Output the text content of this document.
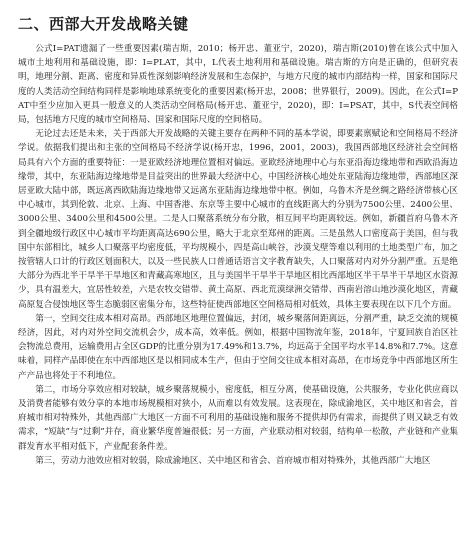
二、西部大开发战略关键

公式I=PAT遗漏了一些重要因素(瑞吉斯，2010；杨开忠、董亚宁，2020)，瑞吉斯(2010)曾在该公式中加入城市土地利用和基础设施，即：I=PLAT，其中，L代表土地利用和基础设施。瑞吉斯的方向是正确的，但研究表明，地理分割、距离、密度和异质性深刻影响经济发展和生态保护，与地方尺度的城市内部结构一样，国家和国际尺度的人类活动空间结构同样是影响地球系统变化的重要因素(杨开忠，2008；世界银行，2009)。因此，在公式I=PAT中至少应加入更具一般意义的人类活动空间格局(杨开忠、董亚宁，2020)，即：I=PSAT，其中，S代表空间格局，包括地方尺度的城市空间格局、国家和国际尺度的空间格局。

无论过去还是未来，关于西部大开发战略的关键主要存在两种不同的基本学说，即要素禀赋论和空间格局不经济学说。依据我们提出和主张的空间格局不经济学说(杨开忠，1996，2001，2003)，我国西部地区经济社会空间格局具有六个方面的重要特征：一是亚欧经济地理位置相对偏远。亚欧经济地理中心与东亚沿海边缘地带和西欧沿海边缘带，其中，东亚陆海边缘地带是目益突出的世界最大经济中心，中国经济核心地处东亚陆海边缘地带，西部地区深居亚欧大陆中部，既远离西欧陆海边缘地带又远离东亚陆海边缘地带中枢。例如，乌鲁木齐是丝绸之路经济带核心区中心城市，其到伦敦、北京、上海、中国香港、东京等主要中心城市的直线距离大约分别为7500公里、2400公里、3000公里、3400公里和4500公里。二是人口聚落系统分布分散，相互间平均距离较远。例如，新疆首府乌鲁木齐到全疆地级行政区中心城市平均距离高达690公里，略大于北京至郑州的距离。三是虽然人口密度高于美国，但与我国中东部相比，城乡人口聚落平均密度低，平均规模小，四是高山峡谷，沙漠戈壁等难以利用的土地类型广布，加之按管辖人口计的行政区划面积大，以及一些民族人口普通话语言文字教育缺失，人口聚落对内对外分割严重。五是绝大部分为西北半干旱半干旱地区和青藏高寒地区，且与美国半干旱半干旱地区相比西部地区半干旱半干旱地区水资源少，具有温差大，宜居性较差，六是农牧交错带、黄土高原、西北荒漠绿洲交错带、西南岩溶山地沙漠化地区，青藏高原复合侵蚀地区等生态脆弱区密集分布，这些特征使西部地区空间格局相对低效，具体主要表现在以下几个方面。

第一，空间交往成本相对高昂。西部地区地理位置偏远，封闭，城乡聚落间距离远，分割严重，缺乏交流的规模经济，因此，对内对外空间交流机会少，成本高，效率低。例如，根据中国物流年鉴，2018年，宁夏回族自治区社会物流总费用，运输费用占全区GDP的比重分别为17.49%和13.7%，均远高于全国平均水平14.8%和7.7%。这意味着，同样产品即使在东中西部地区是以相同成本生产，但由于空间交往成本相对高昂，在市场竞争中西部地区所生产产品也将处于不利地位。

第二，市场分享效应相对较缺，城乡聚落规模小，密度低，相互分离，使基础设施，公共服务，专业化供应商以及消费者能够有效分享的本地市场规模相对狭小，从而难以有效发展。这表现在，除成渝地区，关中地区和省会，首府城市相对特殊外，其他西部广大地区一方面不可利用的基础设施和服务不提供却仍有需求，而提供了则又缺乏有效需求，“短缺”与“过剩”并存，商业繁华度普遍很低；另一方面，产业联动相对较弱，结构单一松散，产业链和产业集群发育水平相对低下，产业配套条件差。

第三，劳动力池效应相对较弱，除成渝地区、关中地区和省会、首府城市相对特殊外，其他西部广大地区
